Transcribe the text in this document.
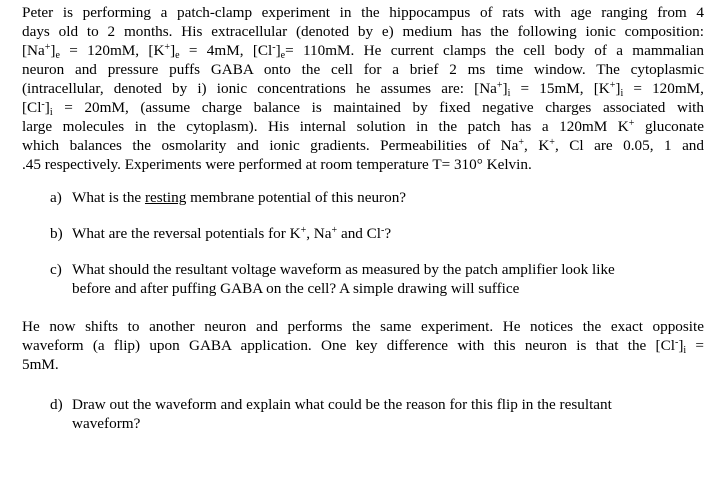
Peter is performing a patch-clamp experiment in the hippocampus of rats with age ranging from 4
days old to 2 months. His extracellular (denoted by e) medium has the following ionic composition:
$[Na^+]_e = 120mM$, $[K^+]_e = 4mM$, $[Cl^-]_e= 110mM$. He current clamps the cell body of a mammalian
neuron and pressure puffs GABA onto the cell for a brief 2 ms time window. The cytoplasmic
(intracellular, denoted by i) ionic concentrations he assumes are: $[Na^+]_i = 15mM$, $[K^+]_i = 120mM$,
$[Cl^-]_i = 20mM$, (assume charge balance is maintained by fixed negative charges associated with
large molecules in the cytoplasm). His internal solution in the patch has a 120mM K+ gluconate
which balances the osmolarity and ionic gradients. Permeabilities of Na+, K+, Cl are 0.05, 1 and
.45 respectively. Experiments were performed at room temperature T= 310° Kelvin.

a) What is the resting membrane potential of this neuron?
b) What are the reversal potentials for K+, Na+ and Cl-?
c) What should the resultant voltage waveform as measured by the patch amplifier look like
before and after puffing GABA on the cell? A simple drawing will suffice

He now shifts to another neuron and performs the same experiment. He notices the exact opposite
waveform (a flip) upon GABA application. One key difference with this neuron is that the $[Cl^-]_i$ =
5mM.

d) Draw out the waveform and explain what could be the reason for this flip in the resultant
waveform?
